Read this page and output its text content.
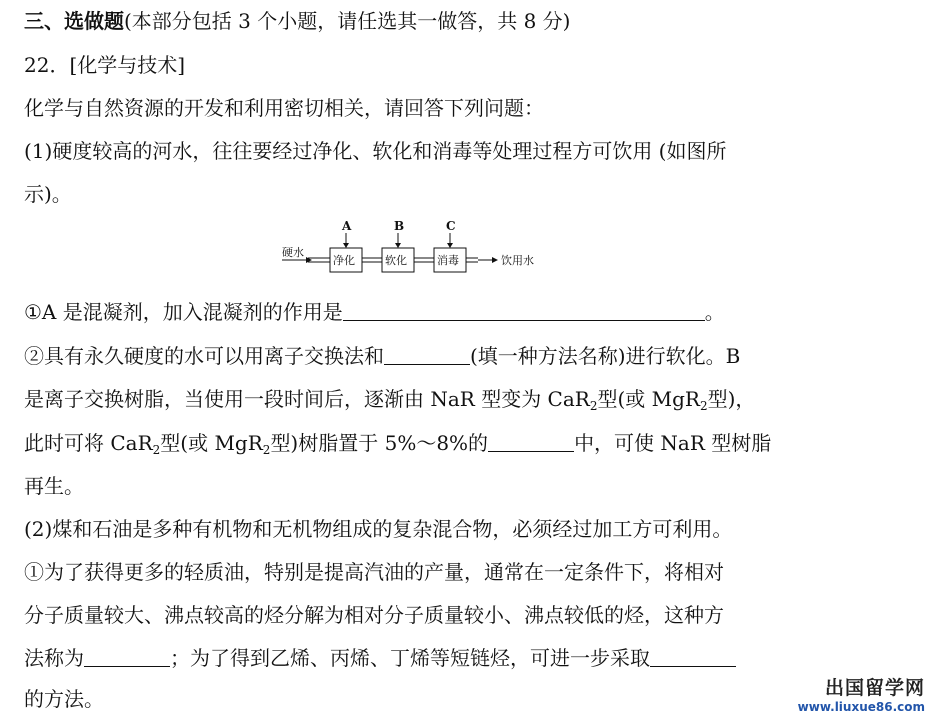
三、选做题(本部分包括 3 个小题，请任选其一做答，共 8 分)
22．[化学与技术]
化学与自然资源的开发和利用密切相关，请回答下列问题：
(1)硬度较高的河水，往往要经过净化、软化和消毒等处理过程方可饮用 (如图所
示)。
硬水
净化
A
软化
B
消毒
C
饮用水
①A 是混凝剂，加入混凝剂的作用是	。
②具有永久硬度的水可以用离子交换法和	(填一种方法名称)进行软化。B
是离子交换树脂，当使用一段时间后，逐渐由 NaR 型变为 CaR$_2$型(或 MgR$_2$型)，
此时可将 CaR$_2$型(或 MgR$_2$型)树脂置于 5%～8%的	中，可使 NaR 型树脂
再生。
(2)煤和石油是多种有机物和无机物组成的复杂混合物，必须经过加工方可利用。
①为了获得更多的轻质油，特别是提高汽油的产量，通常在一定条件下，将相对
分子质量较大、沸点较高的烃分解为相对分子质量较小、沸点较低的烃，这种方
法称为	；为了得到乙烯、丙烯、丁烯等短链烃，可进一步采取
的方法。	出国留学网
www.liuxue86.com
